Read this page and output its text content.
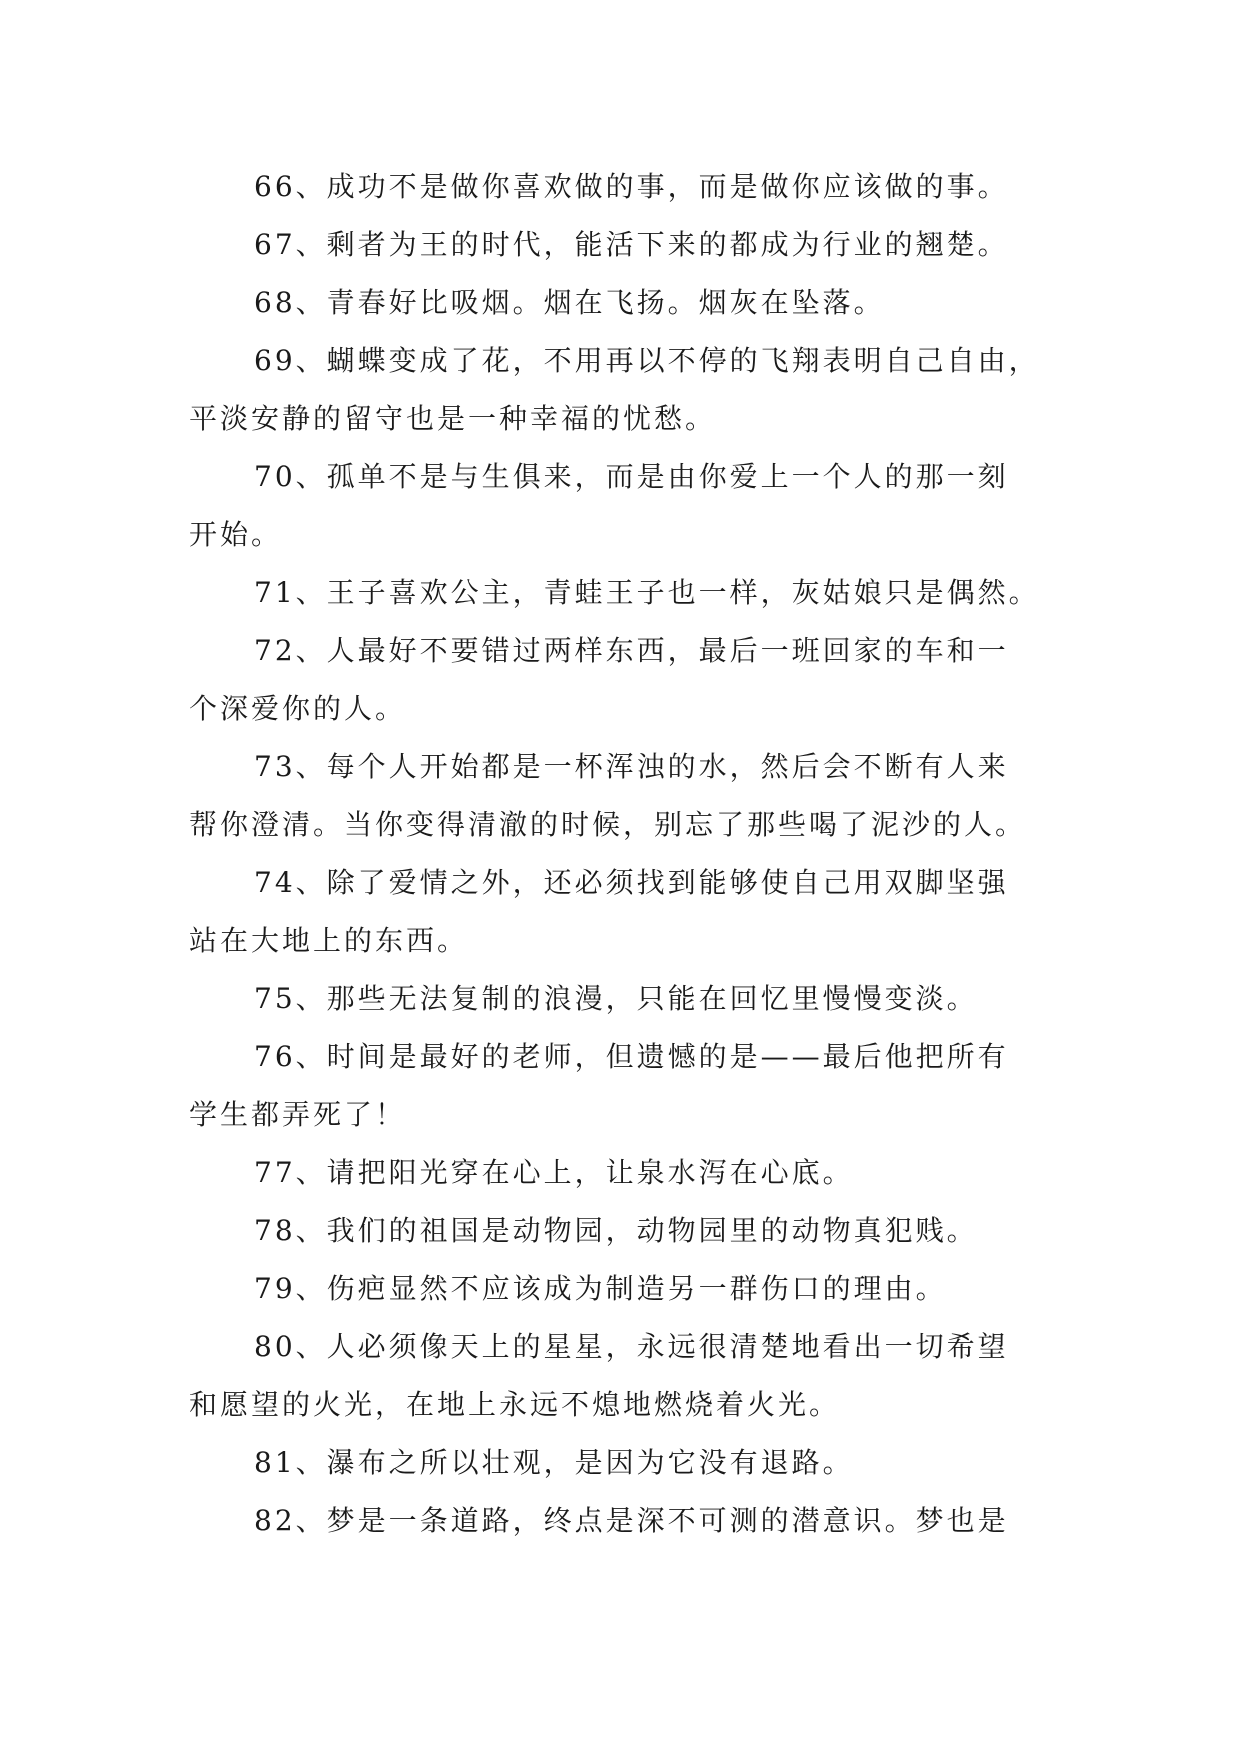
66、成功不是做你喜欢做的事，而是做你应该做的事。

67、剩者为王的时代，能活下来的都成为行业的翘楚。

68、青春好比吸烟。烟在飞扬。烟灰在坠落。

69、蝴蝶变成了花，不用再以不停的飞翔表明自己自由，
平淡安静的留守也是一种幸福的忧愁。

70、孤单不是与生俱来，而是由你爱上一个人的那一刻
开始。

71、王子喜欢公主，青蛙王子也一样，灰姑娘只是偶然。

72、人最好不要错过两样东西，最后一班回家的车和一
个深爱你的人。

73、每个人开始都是一杯浑浊的水，然后会不断有人来
帮你澄清。当你变得清澈的时候，别忘了那些喝了泥沙的人。

74、除了爱情之外，还必须找到能够使自己用双脚坚强
站在大地上的东西。

75、那些无法复制的浪漫，只能在回忆里慢慢变淡。

76、时间是最好的老师，但遗憾的是——最后他把所有
学生都弄死了！

77、请把阳光穿在心上，让泉水泻在心底。

78、我们的祖国是动物园，动物园里的动物真犯贱。

79、伤疤显然不应该成为制造另一群伤口的理由。

80、人必须像天上的星星，永远很清楚地看出一切希望
和愿望的火光，在地上永远不熄地燃烧着火光。

81、瀑布之所以壮观，是因为它没有退路。

82、梦是一条道路，终点是深不可测的潜意识。梦也是
